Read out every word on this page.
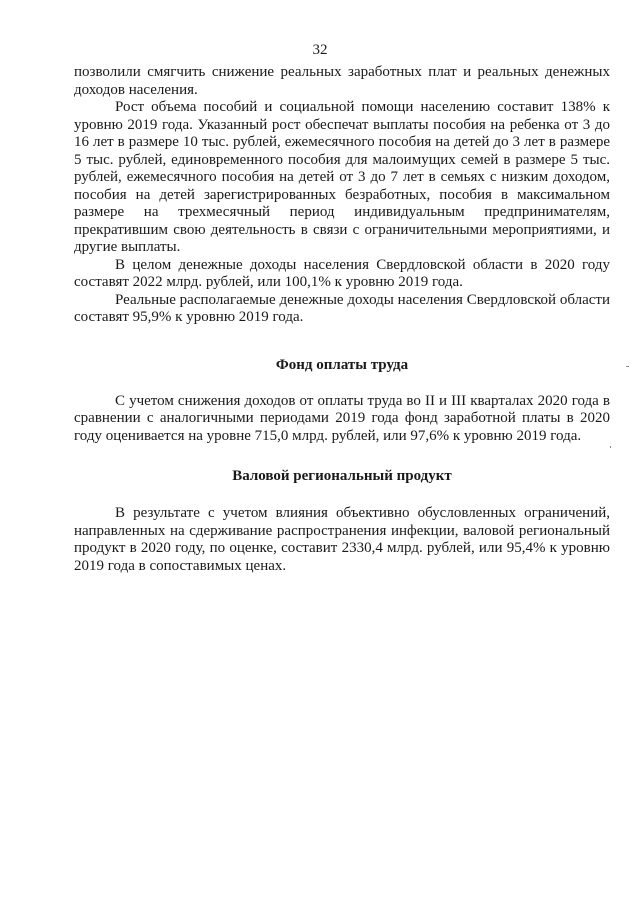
32

позволили смягчить снижение реальных заработных плат и реальных денежных доходов населения.

Рост объема пособий и социальной помощи населению составит 138% к уровню 2019 года. Указанный рост обеспечат выплаты пособия на ребенка от 3 до 16 лет в размере 10 тыс. рублей, ежемесячного пособия на детей до 3 лет в размере 5 тыс. рублей, единовременного пособия для малоимущих семей в размере 5 тыс. рублей, ежемесячного пособия на детей от 3 до 7 лет в семьях с низким доходом, пособия на детей зарегистрированных безработных, пособия в максимальном размере на трехмесячный период индивидуальным предпринимателям, прекратившим свою деятельность в связи с ограничительными мероприятиями, и другие выплаты.

В целом денежные доходы населения Свердловской области в 2020 году составят 2022 млрд. рублей, или 100,1% к уровню 2019 года.

Реальные располагаемые денежные доходы населения Свердловской области составят 95,9% к уровню 2019 года.

Фонд оплаты труда

С учетом снижения доходов от оплаты труда во II и III кварталах 2020 года в сравнении с аналогичными периодами 2019 года фонд заработной платы в 2020 году оценивается на уровне 715,0 млрд. рублей, или 97,6% к уровню 2019 года.

Валовой региональный продукт

В результате с учетом влияния объективно обусловленных ограничений, направленных на сдерживание распространения инфекции, валовой региональный продукт в 2020 году, по оценке, составит 2330,4 млрд. рублей, или 95,4% к уровню 2019 года в сопоставимых ценах.
